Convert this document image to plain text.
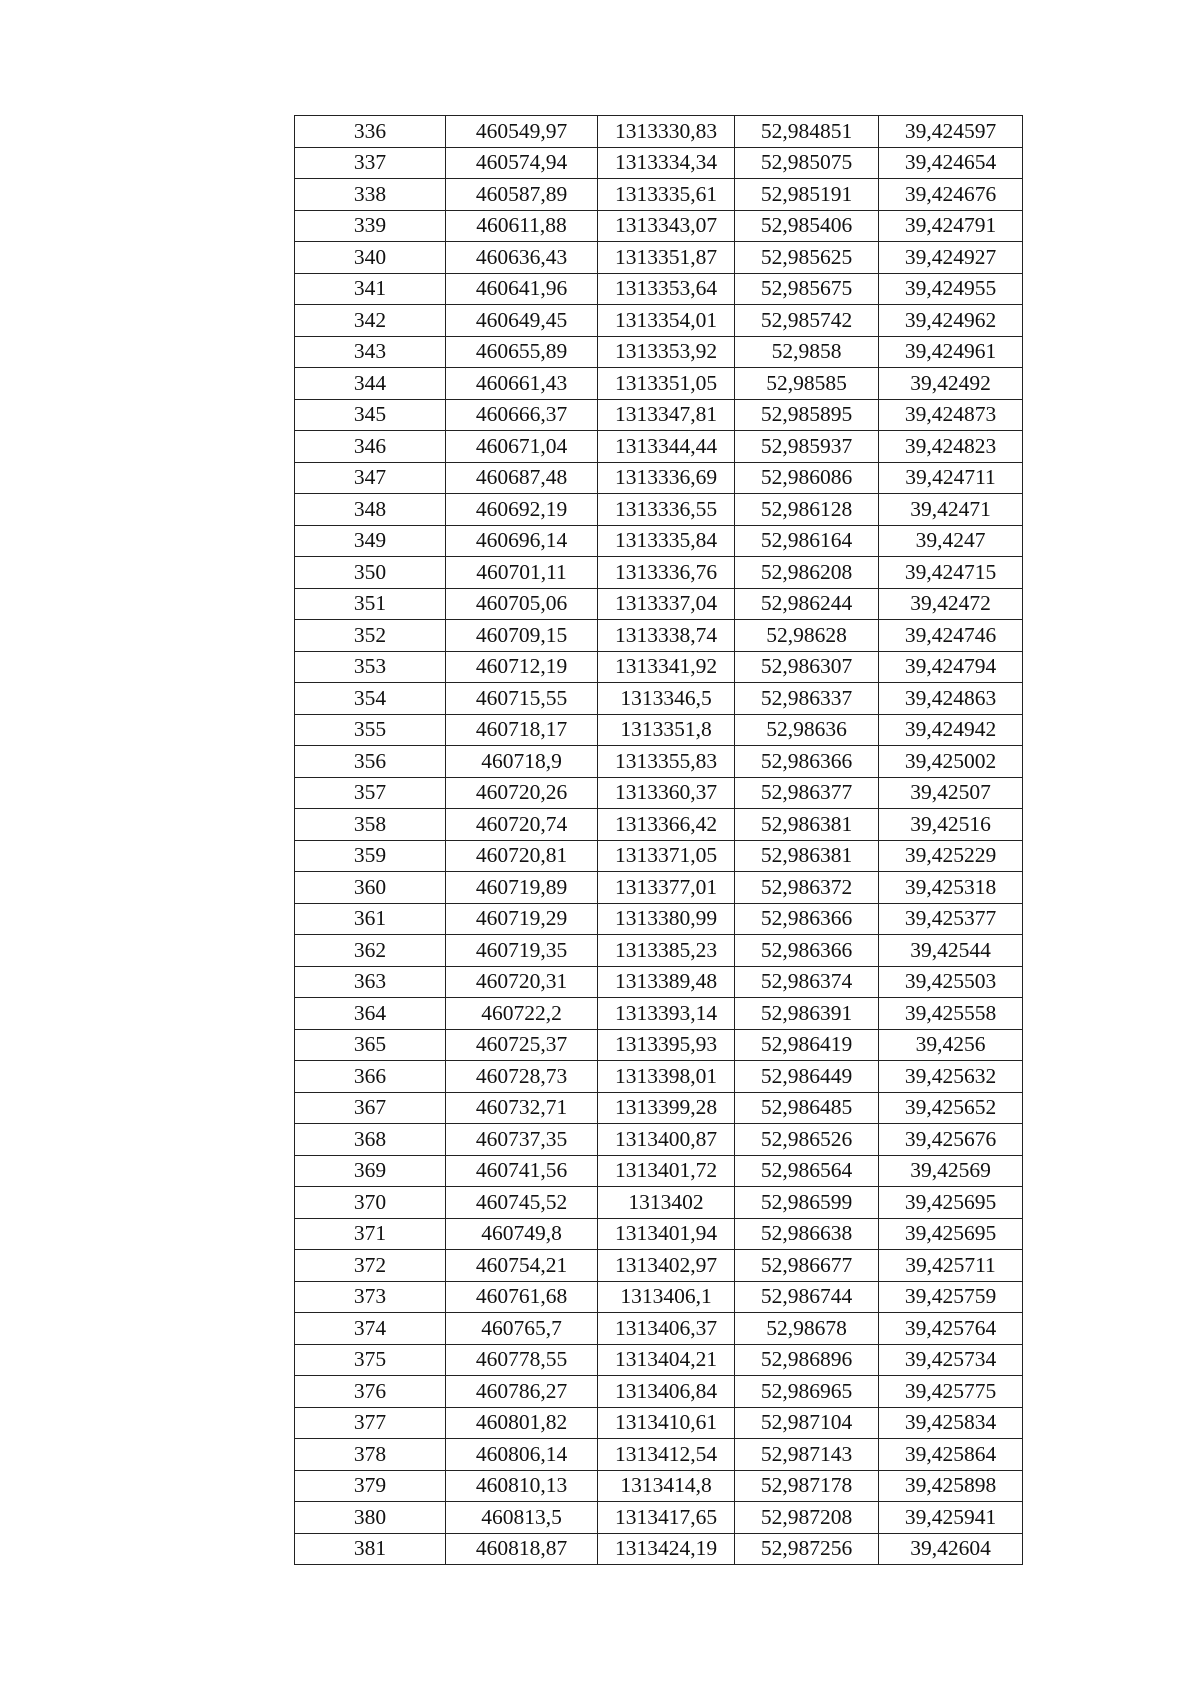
336	460549,97	1313330,83	52,984851	39,424597
337	460574,94	1313334,34	52,985075	39,424654
338	460587,89	1313335,61	52,985191	39,424676
339	460611,88	1313343,07	52,985406	39,424791
340	460636,43	1313351,87	52,985625	39,424927
341	460641,96	1313353,64	52,985675	39,424955
342	460649,45	1313354,01	52,985742	39,424962
343	460655,89	1313353,92	52,9858	39,424961
344	460661,43	1313351,05	52,98585	39,42492
345	460666,37	1313347,81	52,985895	39,424873
346	460671,04	1313344,44	52,985937	39,424823
347	460687,48	1313336,69	52,986086	39,424711
348	460692,19	1313336,55	52,986128	39,42471
349	460696,14	1313335,84	52,986164	39,4247
350	460701,11	1313336,76	52,986208	39,424715
351	460705,06	1313337,04	52,986244	39,42472
352	460709,15	1313338,74	52,98628	39,424746
353	460712,19	1313341,92	52,986307	39,424794
354	460715,55	1313346,5	52,986337	39,424863
355	460718,17	1313351,8	52,98636	39,424942
356	460718,9	1313355,83	52,986366	39,425002
357	460720,26	1313360,37	52,986377	39,42507
358	460720,74	1313366,42	52,986381	39,42516
359	460720,81	1313371,05	52,986381	39,425229
360	460719,89	1313377,01	52,986372	39,425318
361	460719,29	1313380,99	52,986366	39,425377
362	460719,35	1313385,23	52,986366	39,42544
363	460720,31	1313389,48	52,986374	39,425503
364	460722,2	1313393,14	52,986391	39,425558
365	460725,37	1313395,93	52,986419	39,4256
366	460728,73	1313398,01	52,986449	39,425632
367	460732,71	1313399,28	52,986485	39,425652
368	460737,35	1313400,87	52,986526	39,425676
369	460741,56	1313401,72	52,986564	39,42569
370	460745,52	1313402	52,986599	39,425695
371	460749,8	1313401,94	52,986638	39,425695
372	460754,21	1313402,97	52,986677	39,425711
373	460761,68	1313406,1	52,986744	39,425759
374	460765,7	1313406,37	52,98678	39,425764
375	460778,55	1313404,21	52,986896	39,425734
376	460786,27	1313406,84	52,986965	39,425775
377	460801,82	1313410,61	52,987104	39,425834
378	460806,14	1313412,54	52,987143	39,425864
379	460810,13	1313414,8	52,987178	39,425898
380	460813,5	1313417,65	52,987208	39,425941
381	460818,87	1313424,19	52,987256	39,42604
